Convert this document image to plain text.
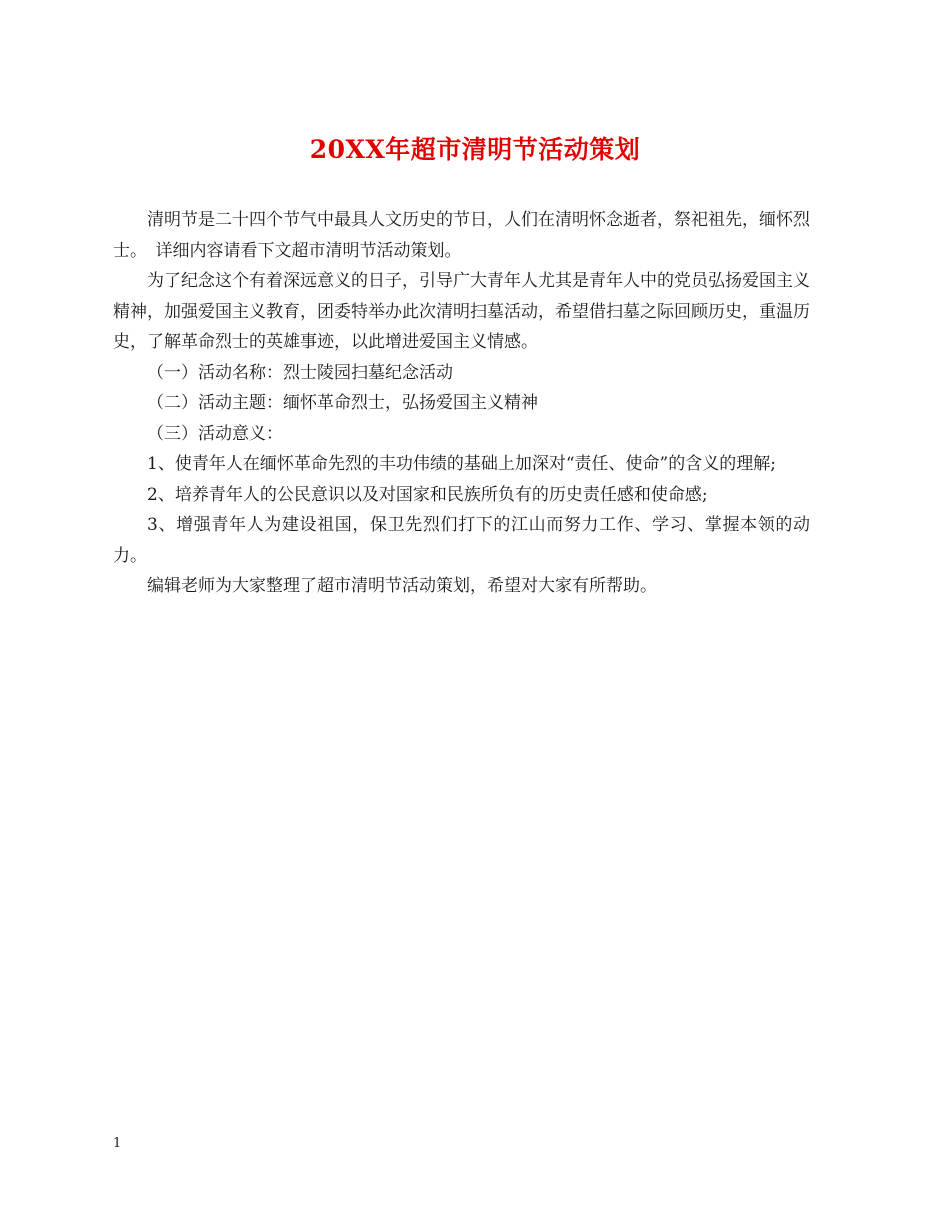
20XX年超市清明节活动策划

清明节是二十四个节气中最具人文历史的节日，人们在清明怀念逝者，祭祀祖先，缅怀烈士。　详细内容请看下文超市清明节活动策划。

为了纪念这个有着深远意义的日子，引导广大青年人尤其是青年人中的党员弘扬爱国主义精神，加强爱国主义教育，团委特举办此次清明扫墓活动，希望借扫墓之际回顾历史，重温历史，了解革命烈士的英雄事迹，以此增进爱国主义情感。

（一）活动名称：烈士陵园扫墓纪念活动

（二）活动主题：缅怀革命烈士，弘扬爱国主义精神

（三）活动意义：

1、使青年人在缅怀革命先烈的丰功伟绩的基础上加深对“责任、使命”的含义的理解;

2、培养青年人的公民意识以及对国家和民族所负有的历史责任感和使命感;

3、增强青年人为建设祖国，保卫先烈们打下的江山而努力工作、学习、掌握本领的动力。

编辑老师为大家整理了超市清明节活动策划，希望对大家有所帮助。

1
